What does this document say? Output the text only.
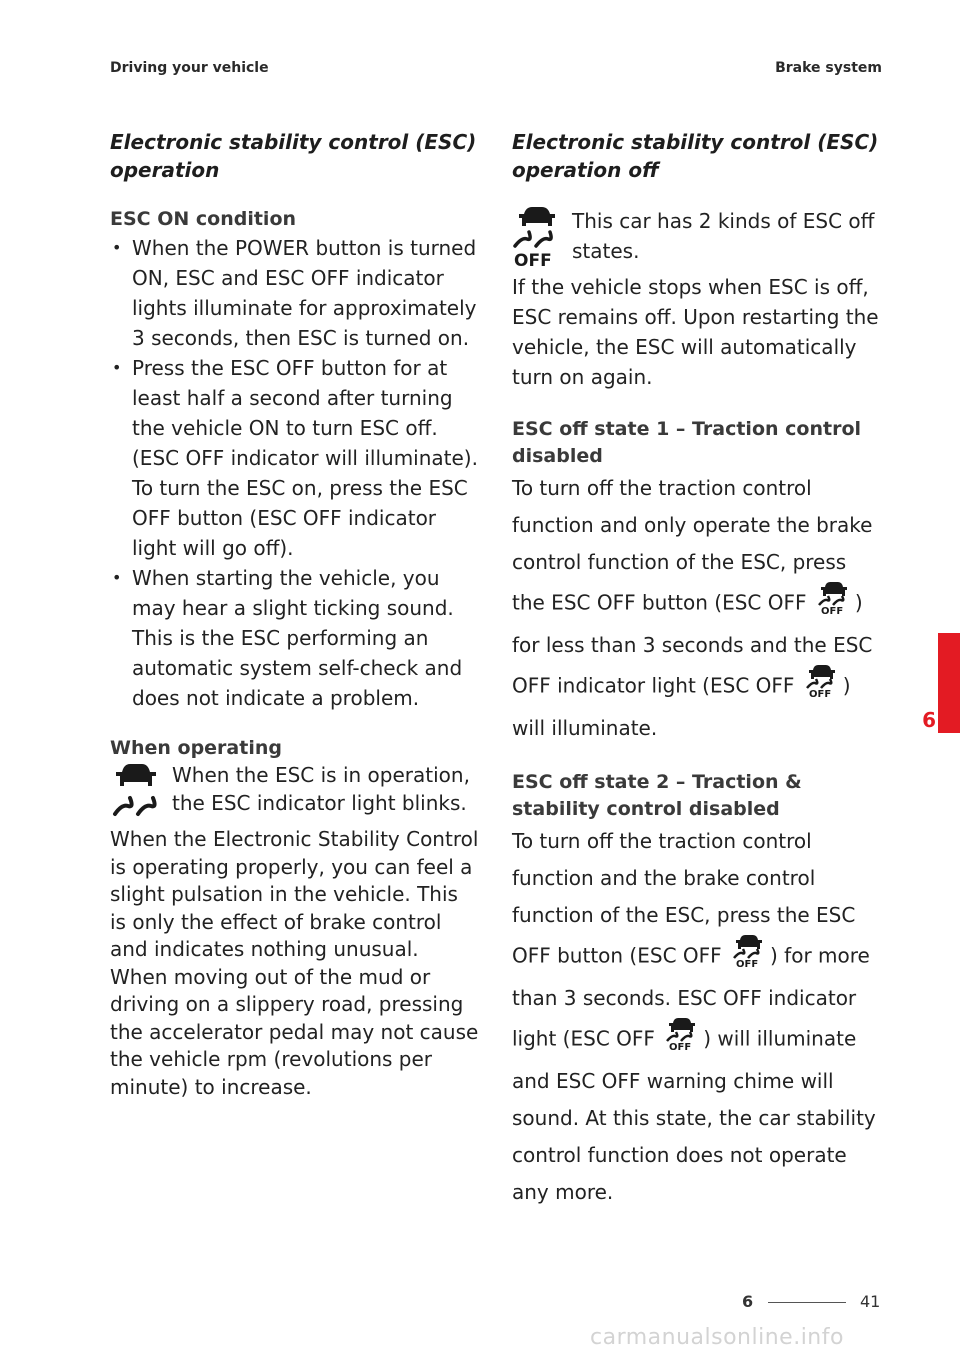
Driving your vehicle	Brake system
Electronic stability control (ESC) operation
ESC ON condition
• When the POWER button is turned ON, ESC and ESC OFF indicator lights illuminate for approximately 3 seconds, then ESC is turned on.
• Press the ESC OFF button for at least half a second after turning the vehicle ON to turn ESC off. (ESC OFF indicator will illuminate). To turn the ESC on, press the ESC OFF button (ESC OFF indicator light will go off).
• When starting the vehicle, you may hear a slight ticking sound. This is the ESC performing an automatic system self-check and does not indicate a problem.
When operating

When the ESC is in operation, the ESC indicator light blinks.

When the Electronic Stability Control is operating properly, you can feel a slight pulsation in the vehicle. This is only the effect of brake control and indicates nothing unusual.

When moving out of the mud or driving on a slippery road, pressing the accelerator pedal may not cause the vehicle rpm (revolutions per minute) to increase.

Electronic stability control (ESC) operation off
OFF

This car has 2 kinds of ESC off states.

If the vehicle stops when ESC is off, ESC remains off. Upon restarting the vehicle, the ESC will automatically turn on again.

ESC off state 1 – Traction control disabled

To turn off the traction control function and only operate the brake control function of the ESC, press the ESC OFF button (ESC OFF OFF ) for less than 3 seconds and the ESC OFF indicator light (ESC OFF OFF ) will illuminate.

ESC off state 2 – Traction & stability control disabled

To turn off the traction control function and the brake control function of the ESC, press the ESC OFF button (ESC OFF OFF ) for more than 3 seconds. ESC OFF indicator light (ESC OFF OFF ) will illuminate and ESC OFF warning chime will sound. At this state, the car stability control function does not operate any more.

6
6	41
carmanualsonline.info
